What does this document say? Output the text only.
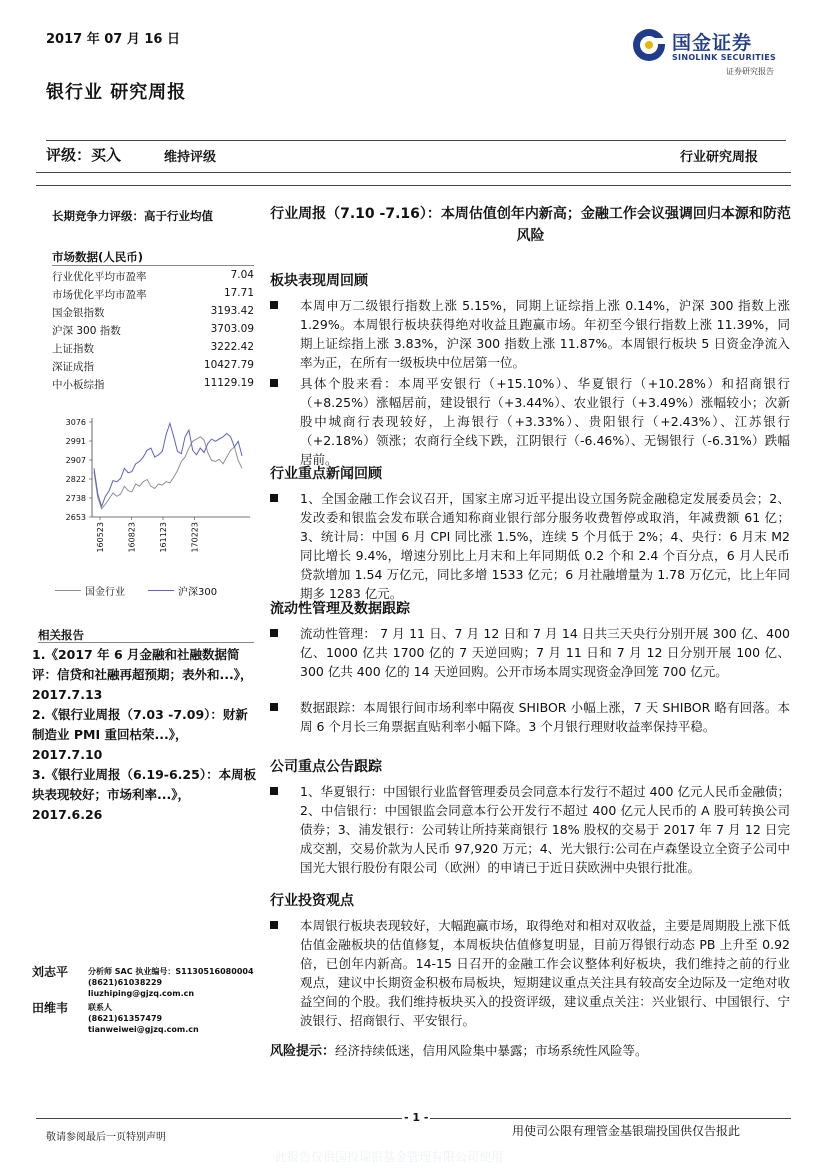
2017 年 07 月 16 日	国金证券
SINOLINK SECURITIES
证券研究报告
银行业 研究周报
评级：买入	维持评级	行业研究周报
长期竞争力评级：高于行业均值
市场数据(人民币)
行业优化平均市盈率	7.04
市场优化平均市盈率	17.71
国金银指数	3193.42
沪深 300 指数	3703.09
上证指数	3222.42
深证成指	10427.79
中小板综指	11129.19
3076
2991
2907
2822
2738
2653
160523	160823	161123	170223
国金行业	沪深300
相关报告
1.《2017 年 6 月金融和社融数据简评：信贷和社融再超预期；表外和...》，2017.7.13
2.《银行业周报（7.03 -7.09）：财新制造业 PMI 重回枯荣...》，2017.7.10
3.《银行业周报（6.19-6.25）：本周板块表现较好；市场利率...》，2017.6.26
刘志平 分析师 SAC 执业编号：S1130516080004
(8621)61038229
liuzhiping@gjzq.com.cn
田维韦 联系人
(8621)61357479
tianweiwei@gjzq.com.cn
行业周报（7.10 -7.16）：本周估值创年内新高；金融工作会议强调回归本源和防范风险
板块表现周回顾
本周申万二级银行指数上涨 5.15%，同期上证综指上涨 0.14%，沪深 300 指数上涨 1.29%。本周银行板块获得绝对收益且跑赢市场。年初至今银行指数上涨 11.39%，同期上证综指上涨 3.83%，沪深 300 指数上涨 11.87%。本周银行板块 5 日资金净流入率为正，在所有一级板块中位居第一位。
具体个股来看：本周平安银行（+15.10%）、华夏银行（+10.28%）和招商银行（+8.25%）涨幅居前，建设银行（+3.44%）、农业银行（+3.49%）涨幅较小；次新股中城商行表现较好，上海银行（+3.33%）、贵阳银行（+2.43%）、江苏银行（+2.18%）领涨；农商行全线下跌，江阴银行（-6.46%）、无锡银行（-6.31%）跌幅居前。
行业重点新闻回顾
1、全国金融工作会议召开，国家主席习近平提出设立国务院金融稳定发展委员会；2、发改委和银监会发布联合通知称商业银行部分服务收费暂停或取消，年减费额 61 亿；3、统计局：中国 6 月 CPI 同比涨 1.5%，连续 5 个月低于 2%；4、央行：6 月末 M2 同比增长 9.4%，增速分别比上月末和上年同期低 0.2 个和 2.4 个百分点，6 月人民币贷款增加 1.54 万亿元，同比多增 1533 亿元；6 月社融增量为 1.78 万亿元，比上年同期多 1283 亿元。
流动性管理及数据跟踪
流动性管理： 7 月 11 日、7 月 12 日和 7 月 14 日共三天央行分别开展 300 亿、400 亿、1000 亿共 1700 亿的 7 天逆回购；7 月 11 日和 7 月 12 日分别开展 100 亿、300 亿共 400 亿的 14 天逆回购。公开市场本周实现资金净回笼 700 亿元。
数据跟踪：本周银行间市场利率中隔夜 SHIBOR 小幅上涨，7 天 SHIBOR 略有回落。本周 6 个月长三角票据直贴利率小幅下降。3 个月银行理财收益率保持平稳。
公司重点公告跟踪
1、华夏银行：中国银行业监督管理委员会同意本行发行不超过 400 亿元人民币金融债；2、中信银行：中国银监会同意本行公开发行不超过 400 亿元人民币的 A 股可转换公司债券；3、浦发银行：公司转让所持莱商银行 18% 股权的交易于 2017 年 7 月 12 日完成交割，交易价款为人民币 97,920 万元；4、光大银行:公司在卢森堡设立全资子公司中国光大银行股份有限公司（欧洲）的申请已于近日获欧洲中央银行批准。
行业投资观点
本周银行板块表现较好，大幅跑赢市场，取得绝对和相对双收益，主要是周期股上涨下低估值金融板块的估值修复，本周板块估值修复明显，目前万得银行动态 PB 上升至 0.92 倍，已创年内新高。14-15 日召开的金融工作会议整体利好板块，我们维持之前的行业观点，建议中长期资金积极布局板块，短期建议重点关注具有较高安全边际及一定绝对收益空间的个股。我们维持板块买入的投资评级，建议重点关注：兴业银行、中国银行、宁波银行、招商银行、平安银行。
风险提示：经济持续低迷，信用风险集中暴露；市场系统性风险等。
- 1 -
敬请参阅最后一页特别声明	用使司公限有理管金基银瑞投国供仅告报此
此报告仅供国投瑞银基金管理有限公司使用
